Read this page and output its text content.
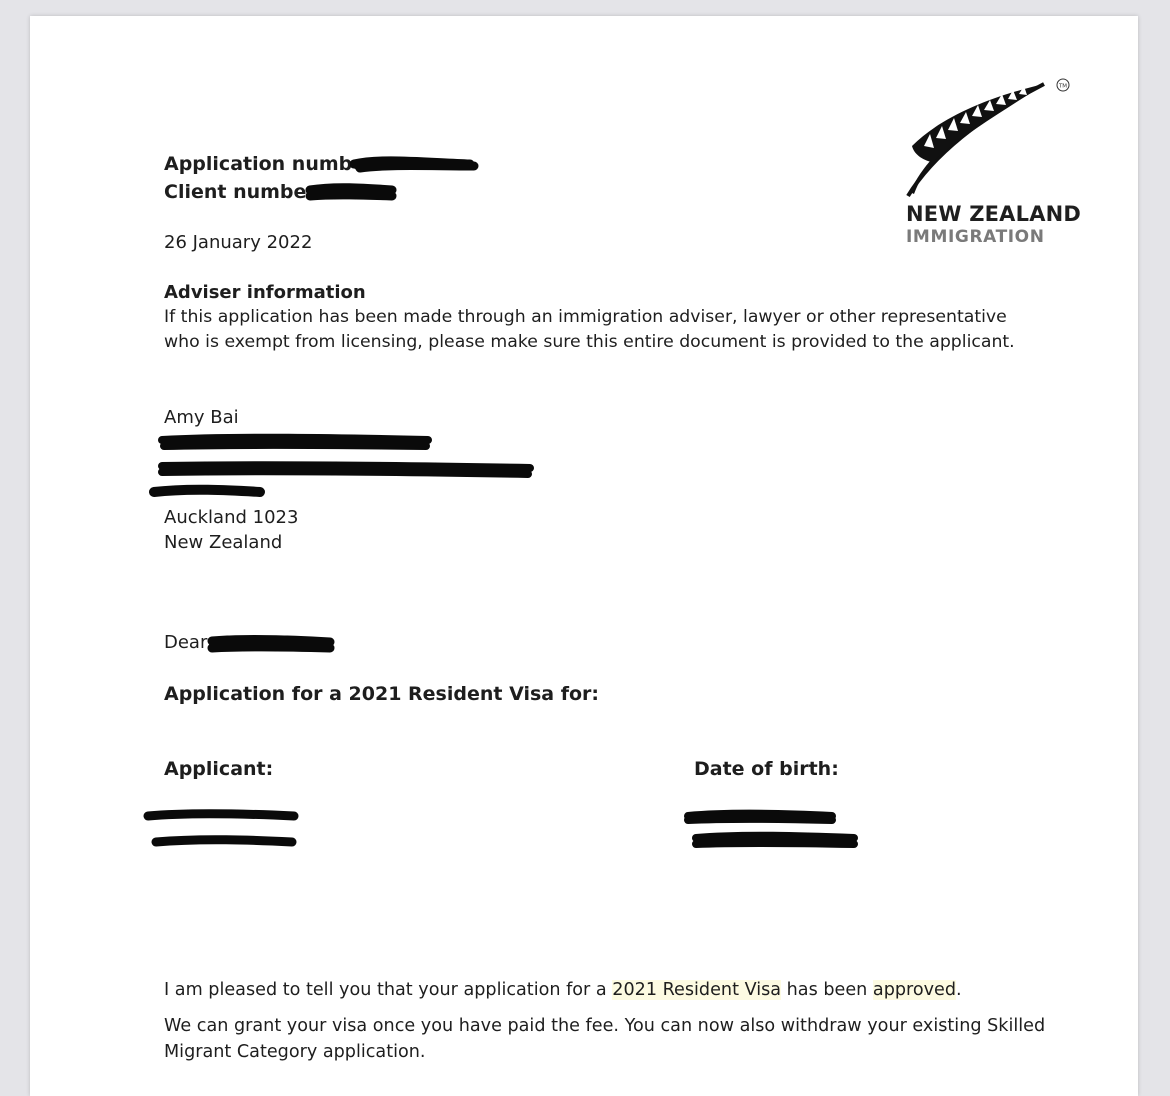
Application number:
Client number:
26 January 2022
TM
NEW ZEALAND
IMMIGRATION
Adviser information
If this application has been made through an immigration adviser, lawyer or other representative
who is exempt from licensing, please make sure this entire document is provided to the applicant.
Amy Bai
Auckland 1023
New Zealand
Dear
Application for a 2021 Resident Visa for:
Applicant:	Date of birth:
I am pleased to tell you that your application for a 2021 Resident Visa has been approved.
We can grant your visa once you have paid the fee. You can now also withdraw your existing Skilled
Migrant Category application.
